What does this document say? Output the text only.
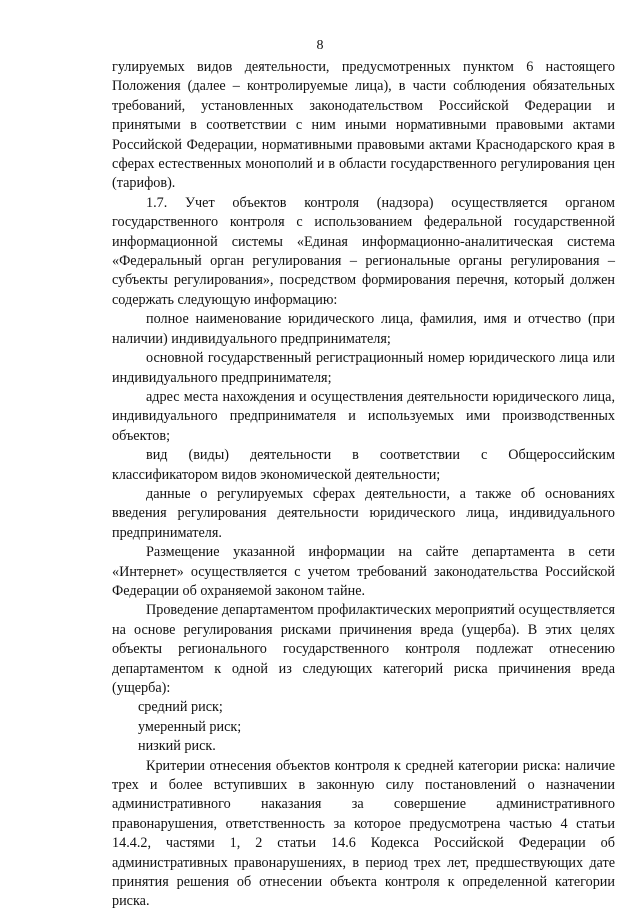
8

гулируемых видов деятельности, предусмотренных пунктом 6 настоящего Положения (далее – контролируемые лица), в части соблюдения обязательных требований, установленных законодательством Российской Федерации и принятыми в соответствии с ним иными нормативными правовыми актами Российской Федерации, нормативными правовыми актами Краснодарского края в сферах естественных монополий и в области государственного регулирования цен (тарифов).

1.7. Учет объектов контроля (надзора) осуществляется органом государственного контроля с использованием федеральной государственной информационной системы «Единая информационно-аналитическая система «Федеральный орган регулирования – региональные органы регулирования – субъекты регулирования», посредством формирования перечня, который должен содержать следующую информацию:

полное наименование юридического лица, фамилия, имя и отчество (при наличии) индивидуального предпринимателя;

основной государственный регистрационный номер юридического лица или индивидуального предпринимателя;

адрес места нахождения и осуществления деятельности юридического лица, индивидуального предпринимателя и используемых ими производственных объектов;

вид (виды) деятельности в соответствии с Общероссийским классификатором видов экономической деятельности;

данные о регулируемых сферах деятельности, а также об основаниях введения регулирования деятельности юридического лица, индивидуального предпринимателя.

Размещение указанной информации на сайте департамента в сети «Интернет» осуществляется с учетом требований законодательства Российской Федерации об охраняемой законом тайне.

Проведение департаментом профилактических мероприятий осуществляется на основе регулирования рисками причинения вреда (ущерба). В этих целях объекты регионального государственного контроля подлежат отнесению департаментом к одной из следующих категорий риска причинения вреда (ущерба):

средний риск;

умеренный риск;

низкий риск.

Критерии отнесения объектов контроля к средней категории риска: наличие трех и более вступивших в законную силу постановлений о назначении административного наказания за совершение административного правонарушения, ответственность за которое предусмотрена частью 4 статьи 14.4.2, частями 1, 2 статьи 14.6 Кодекса Российской Федерации об административных правонарушениях, в период трех лет, предшествующих дате принятия решения об отнесении объекта контроля к определенной категории риска.
